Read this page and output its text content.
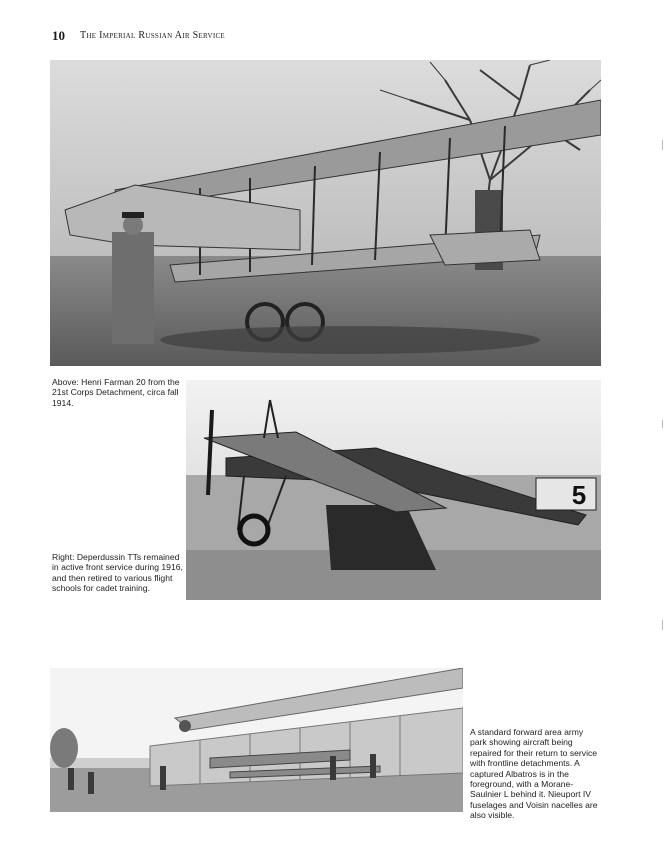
10 The Imperial Russian Air Service
Above: Henri Farman 20 from the 21st Corps Detachment, circa fall 1914.
5
Right: Deperdussin TTs remained in active front service during 1916, and then retired to various flight schools for cadet training.
A standard forward area army park showing aircraft being repaired for their return to service with frontline detachments. A captured Albatros is in the foreground, with a Morane-Saulnier L behind it. Nieuport IV fuselages and Voisin nacelles are also visible.
